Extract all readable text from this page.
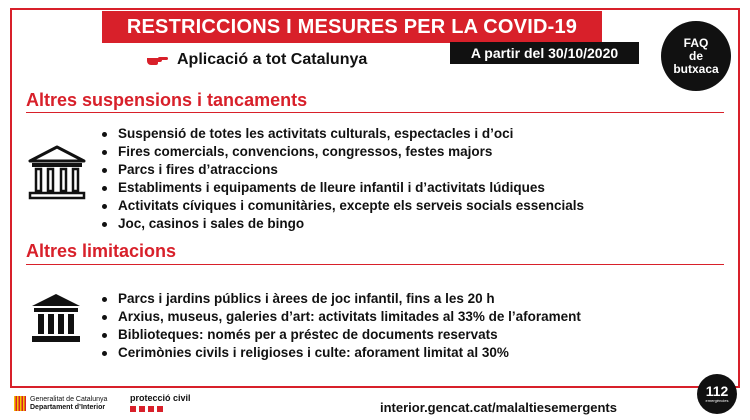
RESTRICCIONS I MESURES PER LA COVID-19
FAQ
de
butxaca
Aplicació a tot Catalunya	A partir del 30/10/2020
Altres suspensions i tancaments
Suspensió de totes les activitats culturals, espectacles i d’oci
Fires comercials, convencions, congressos, festes majors
Parcs i fires d’atraccions
Establiments i equipaments de lleure infantil i d’activitats lúdiques
Activitats cíviques i comunitàries, excepte els serveis socials essencials
Joc, casinos i sales de bingo
Altres limitacions
Parcs i jardins públics i àrees de joc infantil, fins a les 20 h
Arxius, museus, galeries d’art: activitats limitades al 33% de l’aforament
Biblioteques: només per a préstec de documents reservats
Cerimònies civils i religioses i culte: aforament limitat al 30%
Generalitat de Catalunya
Departament d’Interior
protecció civil
interior.gencat.cat/malaltiesemergents
112
emergències
